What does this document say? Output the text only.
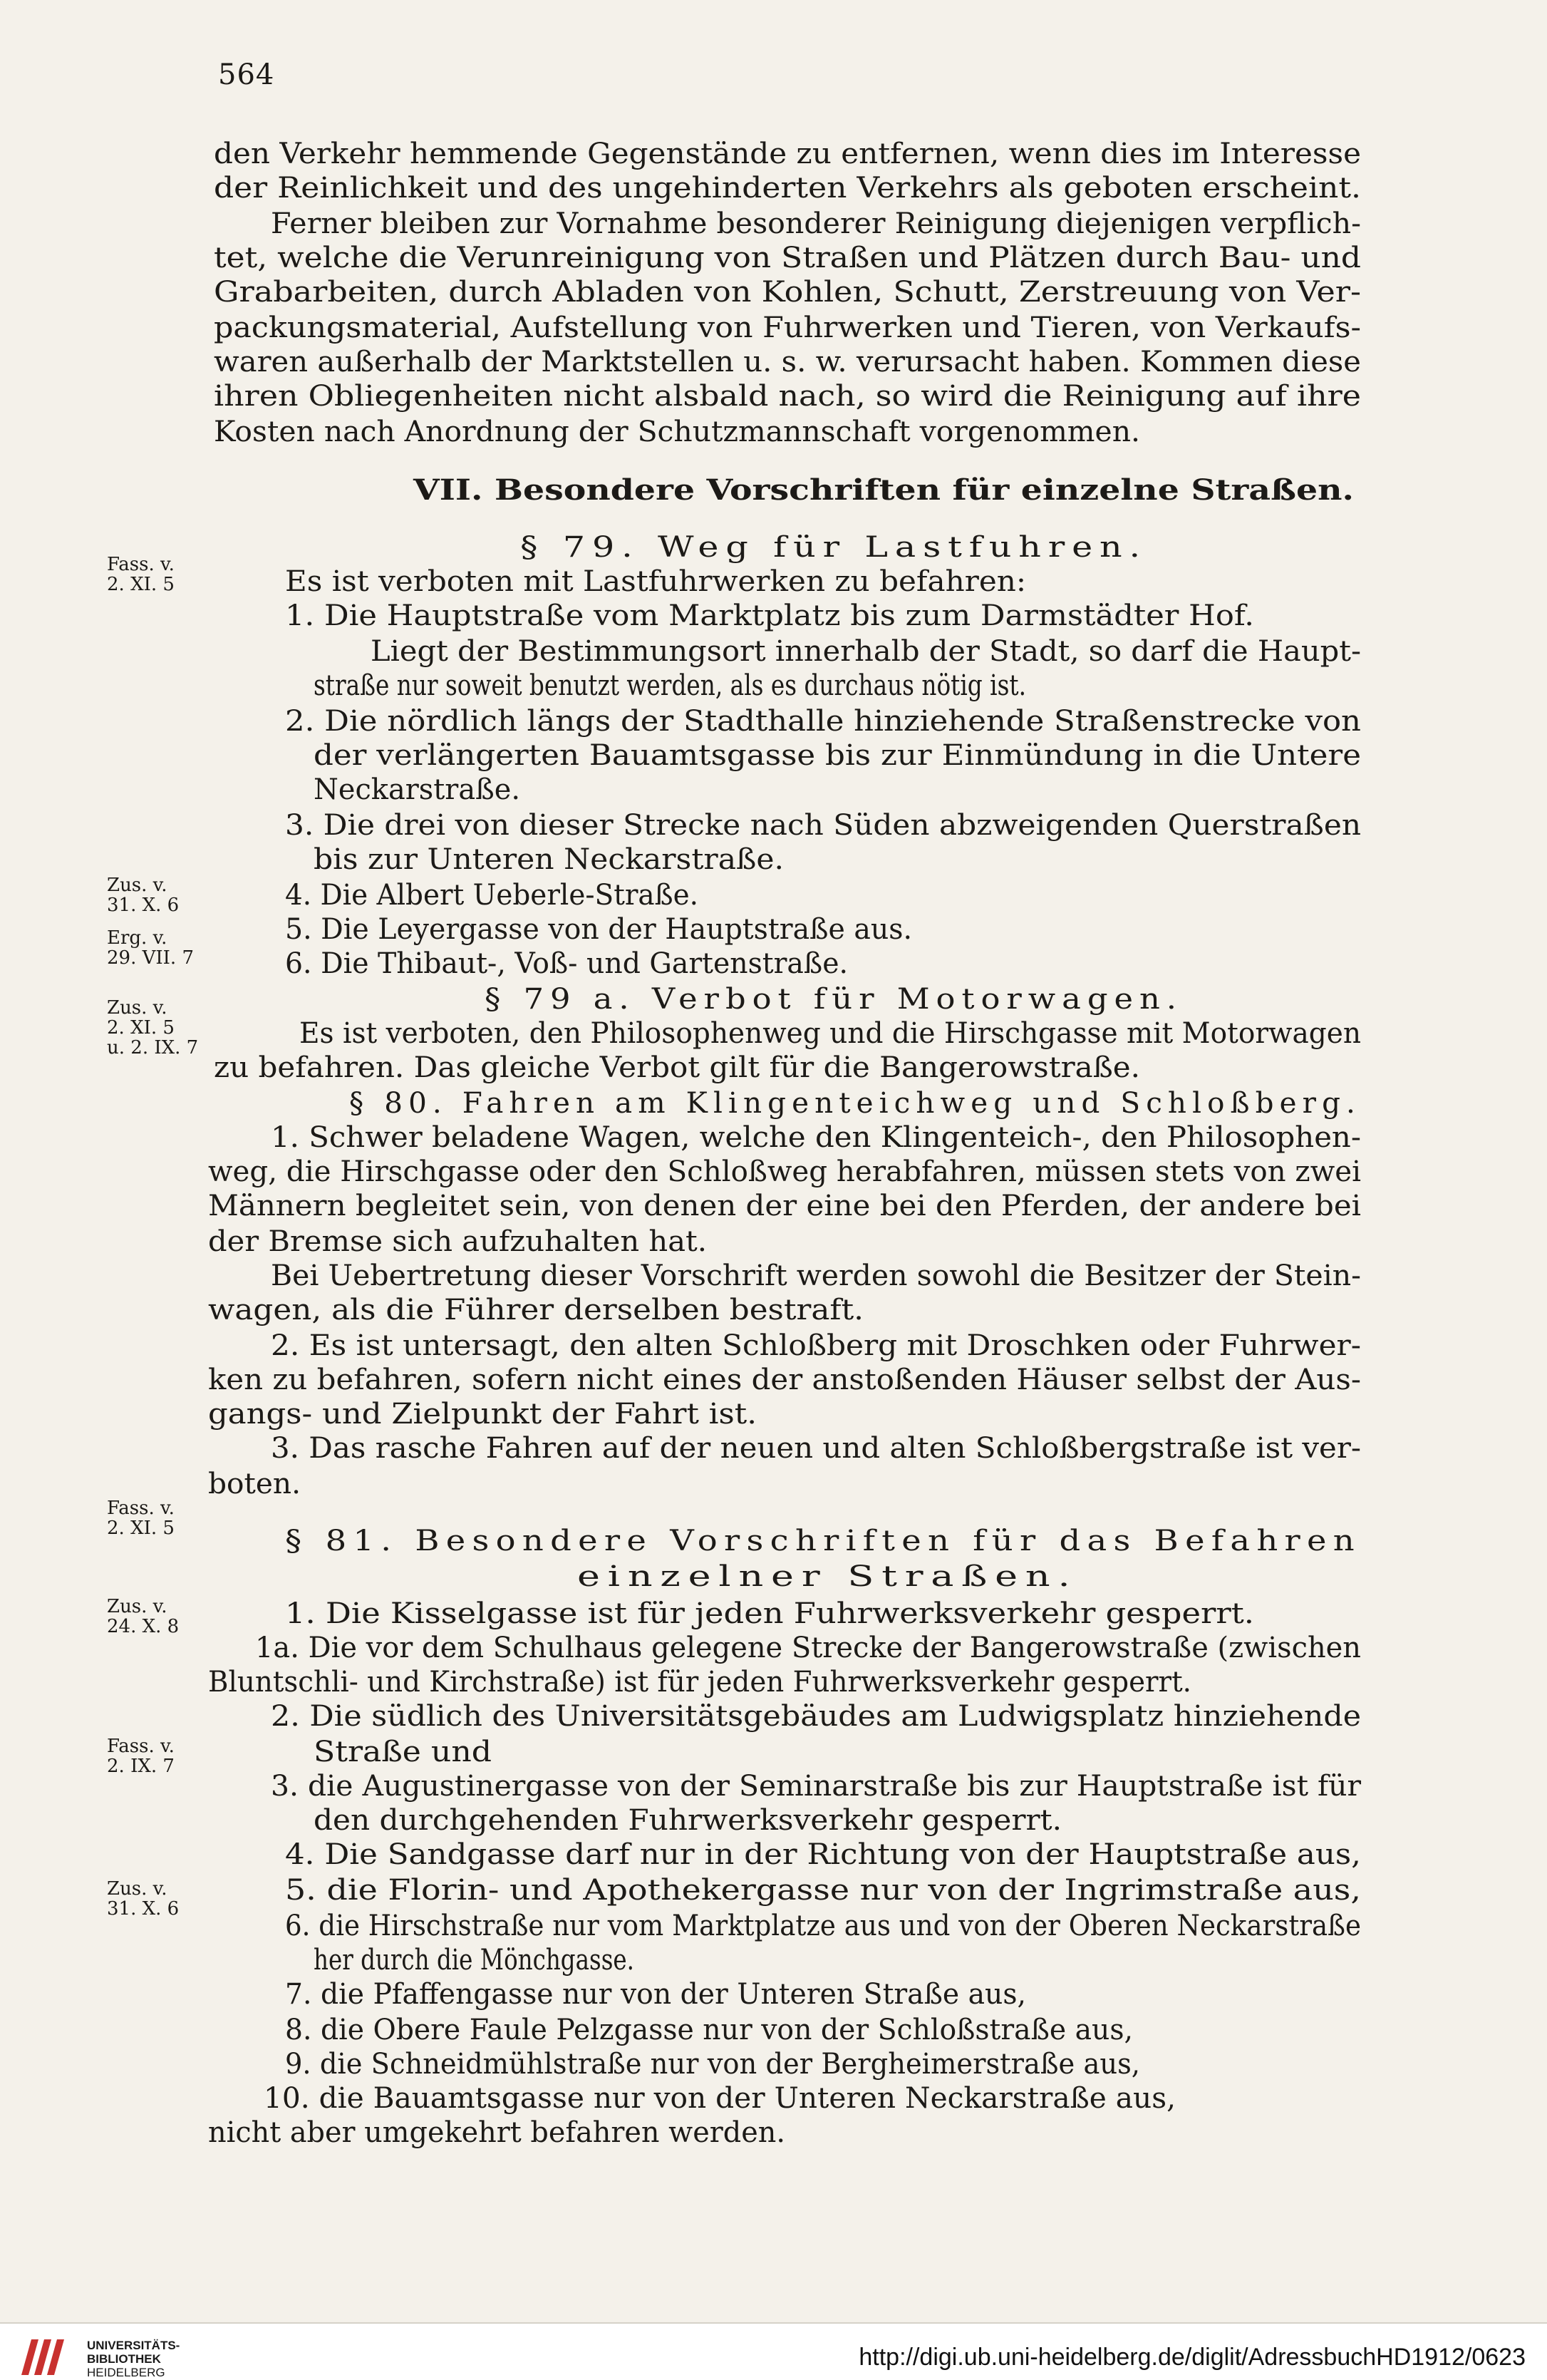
564
den Verkehr hemmende Gegenstände zu entfernen, wenn dies im Interesse
der Reinlichkeit und des ungehinderten Verkehrs als geboten erscheint.
Ferner bleiben zur Vornahme besonderer Reinigung diejenigen verpflich-
tet, welche die Verunreinigung von Straßen und Plätzen durch Bau- und
Grabarbeiten, durch Abladen von Kohlen, Schutt, Zerstreuung von Ver-
packungsmaterial, Aufstellung von Fuhrwerken und Tieren, von Verkaufs-
waren außerhalb der Marktstellen u. s. w. verursacht haben. Kommen diese
ihren Obliegenheiten nicht alsbald nach, so wird die Reinigung auf ihre
Kosten nach Anordnung der Schutzmannschaft vorgenommen.
VII. Besondere Vorschriften für einzelne Straßen.
§ 79. Weg für Lastfuhren.
Es ist verboten mit Lastfuhrwerken zu befahren:
1. Die Hauptstraße vom Marktplatz bis zum Darmstädter Hof.
Liegt der Bestimmungsort innerhalb der Stadt, so darf die Haupt-
straße nur soweit benutzt werden, als es durchaus nötig ist.
2. Die nördlich längs der Stadthalle hinziehende Straßenstrecke von
der verlängerten Bauamtsgasse bis zur Einmündung in die Untere
Neckarstraße.
3. Die drei von dieser Strecke nach Süden abzweigenden Querstraßen
bis zur Unteren Neckarstraße.
4. Die Albert Ueberle-Straße.
5. Die Leyergasse von der Hauptstraße aus.
6. Die Thibaut-, Voß- und Gartenstraße.
§ 79 a. Verbot für Motorwagen.
Es ist verboten, den Philosophenweg und die Hirschgasse mit Motorwagen
zu befahren. Das gleiche Verbot gilt für die Bangerowstraße.
§ 80. Fahren am Klingenteichweg und Schloßberg.
1. Schwer beladene Wagen, welche den Klingenteich-, den Philosophen-
weg, die Hirschgasse oder den Schloßweg herabfahren, müssen stets von zwei
Männern begleitet sein, von denen der eine bei den Pferden, der andere bei
der Bremse sich aufzuhalten hat.
Bei Uebertretung dieser Vorschrift werden sowohl die Besitzer der Stein-
wagen, als die Führer derselben bestraft.
2. Es ist untersagt, den alten Schloßberg mit Droschken oder Fuhrwer-
ken zu befahren, sofern nicht eines der anstoßenden Häuser selbst der Aus-
gangs- und Zielpunkt der Fahrt ist.
3. Das rasche Fahren auf der neuen und alten Schloßbergstraße ist ver-
boten.
§ 81. Besondere Vorschriften für das Befahren
einzelner Straßen.
1. Die Kisselgasse ist für jeden Fuhrwerksverkehr gesperrt.
1a. Die vor dem Schulhaus gelegene Strecke der Bangerowstraße (zwischen
Bluntschli- und Kirchstraße) ist für jeden Fuhrwerksverkehr gesperrt.
2. Die südlich des Universitätsgebäudes am Ludwigsplatz hinziehende
Straße und
3. die Augustinergasse von der Seminarstraße bis zur Hauptstraße ist für
den durchgehenden Fuhrwerksverkehr gesperrt.
4. Die Sandgasse darf nur in der Richtung von der Hauptstraße aus,
5. die Florin- und Apothekergasse nur von der Ingrimstraße aus,
6. die Hirschstraße nur vom Marktplatze aus und von der Oberen Neckarstraße
her durch die Mönchgasse.
7. die Pfaffengasse nur von der Unteren Straße aus,
8. die Obere Faule Pelzgasse nur von der Schloßstraße aus,
9. die Schneidmühlstraße nur von der Bergheimerstraße aus,
10. die Bauamtsgasse nur von der Unteren Neckarstraße aus,
nicht aber umgekehrt befahren werden.
Fass. v.
2. XI. 5
Zus. v.
31. X. 6
Erg. v.
29. VII. 7
Zus. v.
2. XI. 5
u. 2. IX. 7
Fass. v.
2. XI. 5
Zus. v.
24. X. 8
Fass. v.
2. IX. 7
Zus. v.
31. X. 6
UNIVERSITÄTS-
BIBLIOTHEK
HEIDELBERG
http://digi.ub.uni-heidelberg.de/diglit/AdressbuchHD1912/0623
